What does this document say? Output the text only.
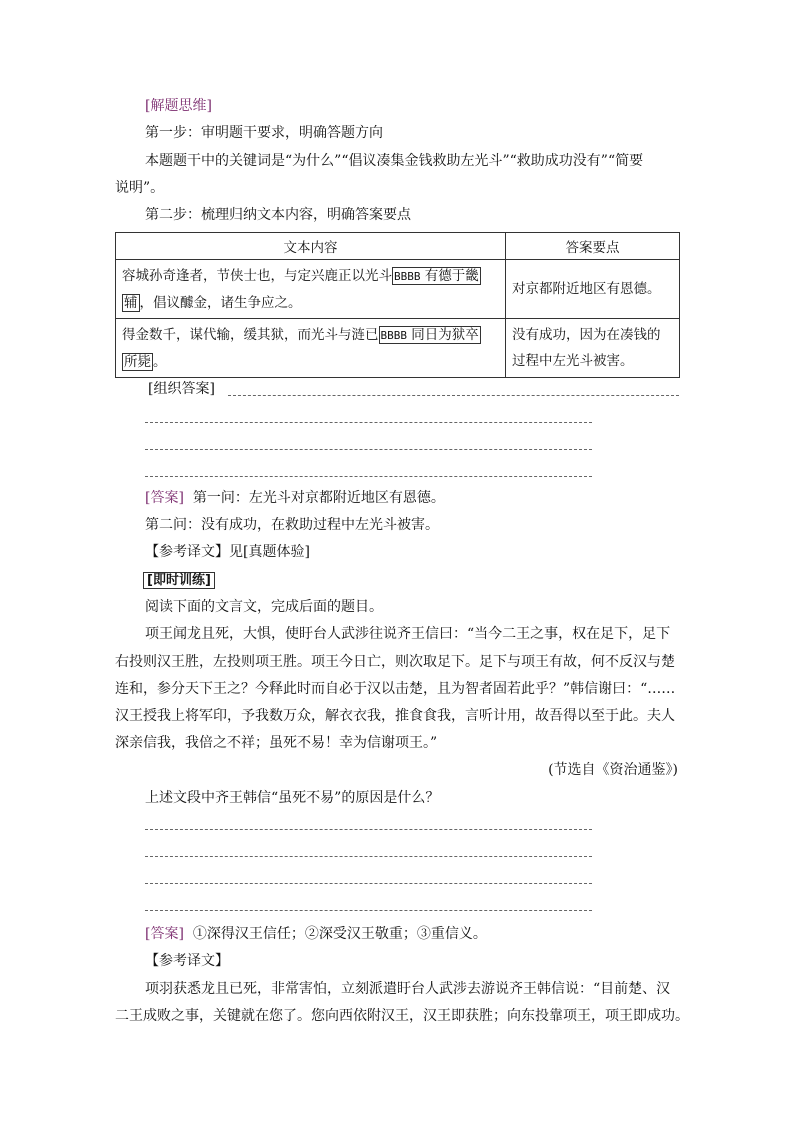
[解题思维]
第一步：审明题干要求，明确答题方向
本题题干中的关键词是“为什么”“倡议凑集金钱救助左光斗”“救助成功没有”“简要
说明”。
第二步：梳理归纳文本内容，明确答案要点
文本内容	答案要点
容城孙奇逢者，节侠士也，与定兴鹿正以光斗 BBBB 有德于畿
辅 ，倡议醵金，诸生争应之。	对京都附近地区有恩德。
得金数千，谋代输，缓其狱，而光斗与涟已 BBBB 同日为狱卒
所毙 。	没有成功，因为在凑钱的
过程中左光斗被害。
[组织答案]
[答案] 第一问：左光斗对京都附近地区有恩德。
第二问：没有成功，在救助过程中左光斗被害。
【参考译文】见[真题体验]
[即时训练]
阅读下面的文言文，完成后面的题目。
项王闻龙且死，大惧，使盱台人武涉往说齐王信曰：“当今二王之事，权在足下，足下
右投则汉王胜，左投则项王胜。项王今日亡，则次取足下。足下与项王有故，何不反汉与楚
连和，参分天下王之？今释此时而自必于汉以击楚，且为智者固若此乎？”韩信谢曰：“……
汉王授我上将军印，予我数万众，解衣衣我，推食食我，言听计用，故吾得以至于此。夫人
深亲信我，我倍之不祥；虽死不易！幸为信谢项王。”
(节选自《资治通鉴》)
上述文段中齐王韩信“虽死不易”的原因是什么？
[答案] ①深得汉王信任；②深受汉王敬重；③重信义。
【参考译文】
项羽获悉龙且已死，非常害怕，立刻派遣盱台人武涉去游说齐王韩信说：“目前楚、汉
二王成败之事，关键就在您了。您向西依附汉王，汉王即获胜；向东投靠项王，项王即成功。
